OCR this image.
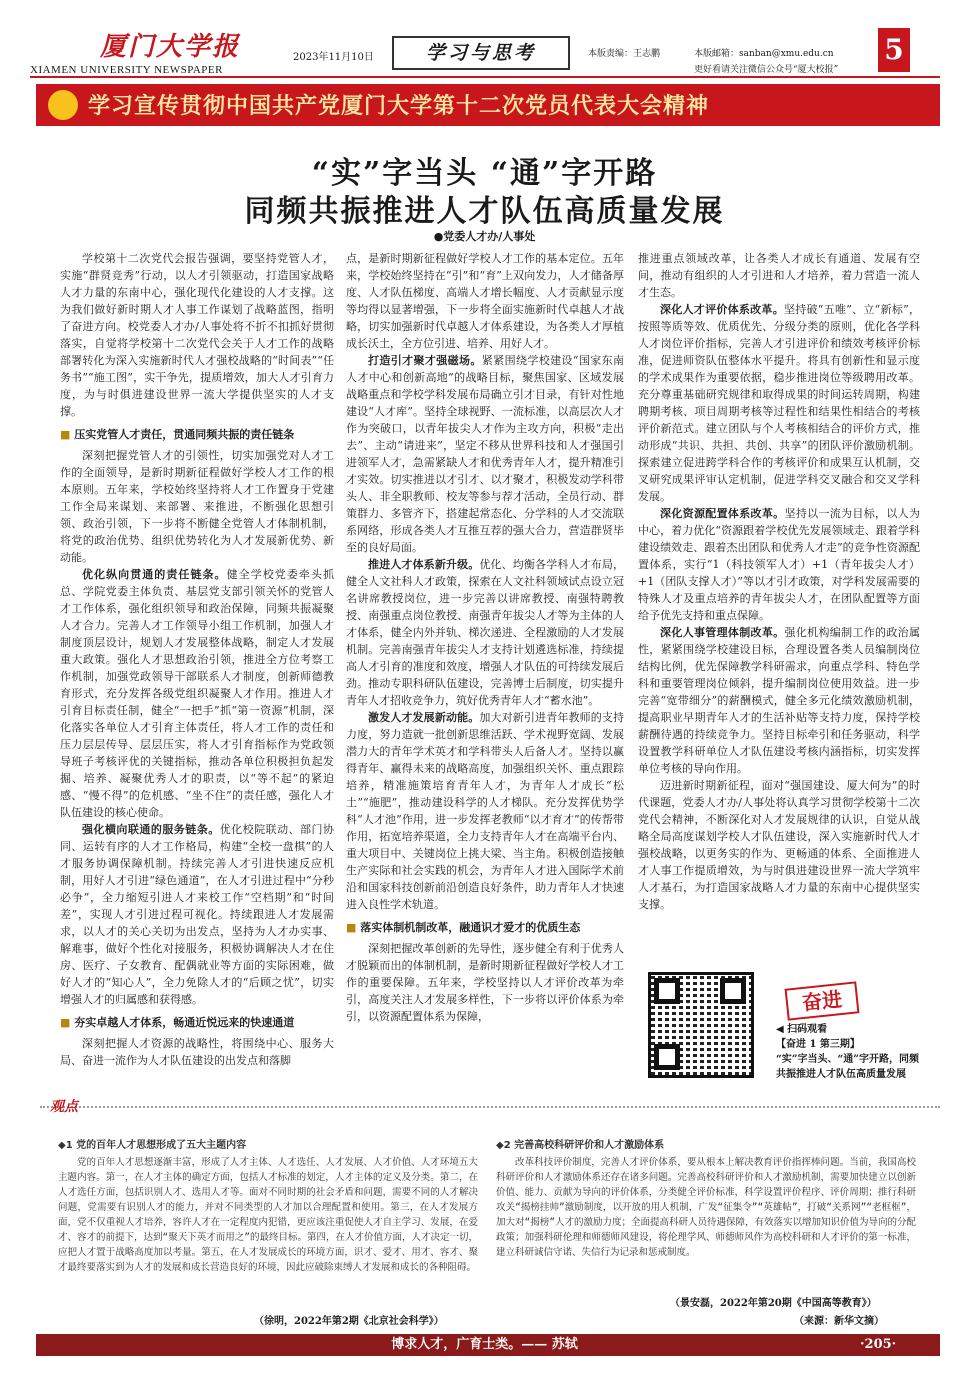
厦门大学报
XIAMEN UNIVERSITY NEWSPAPER
2023年11月10日	学习与思考	本版责编：王志鹏	本版邮箱：sanban@xmu.edu.cn
更好看请关注微信公众号“厦大校报”
5
学习宣传贯彻中国共产党厦门大学第十二次党员代表大会精神
“实”字当头 “通”字开路
同频共振推进人才队伍高质量发展
●党委人才办/人事处

学校第十二次党代会报告强调，要坚持党管人才，实施“群贤竞秀”行动，以人才引领驱动，打造国家战略人才力量的东南中心，强化现代化建设的人才支撑。这为我们做好新时期人才人事工作谋划了战略蓝图，指明了奋进方向。校党委人才办/人事处将不折不扣抓好贯彻落实，自觉将学校第十二次党代会关于人才工作的战略部署转化为深入实施新时代人才强校战略的“时间表”“任务书”“施工图”，实干争先，提质增效，加大人才引育力度，为与时俱进建设世界一流大学提供坚实的人才支撑。

■ 压实党管人才责任，贯通同频共振的责任链条

深刻把握党管人才的引领性，切实加强党对人才工作的全面领导，是新时期新征程做好学校人才工作的根本原则。五年来，学校始终坚持将人才工作置身于党建工作全局来谋划、来部署、来推进，不断强化思想引领、政治引领，下一步将不断健全党管人才体制机制，将党的政治优势、组织优势转化为人才发展新优势、新动能。

优化纵向贯通的责任链条。健全学校党委牵头抓总、学院党委主体负责、基层党支部引领关怀的党管人才工作体系，强化组织领导和政治保障，同频共振凝聚人才合力。完善人才工作领导小组工作机制，加强人才制度顶层设计，规划人才发展整体战略，制定人才发展重大政策。强化人才思想政治引领，推进全方位考察工作机制，加强党政领导干部联系人才制度，创新师德教育形式，充分发挥各级党组织凝聚人才作用。推进人才引育目标责任制，健全“一把手”抓“第一资源”机制，深化落实各单位人才引育主体责任，将人才工作的责任和压力层层传导、层层压实，将人才引育指标作为党政领导班子考核评优的关键指标，推动各单位积极担负起发掘、培养、凝聚优秀人才的职责，以“等不起”的紧迫感、“慢不得”的危机感、“坐不住”的责任感，强化人才队伍建设的核心使命。

强化横向联通的服务链条。优化校院联动、部门协同、运转有序的人才工作格局，构建“全校一盘棋”的人才服务协调保障机制。持续完善人才引进快速反应机制，用好人才引进“绿色通道”，在人才引进过程中“分秒必争”，全力缩短引进人才来校工作“空档期”和“时间差”，实现人才引进过程可视化。持续跟进人才发展需求，以人才的关心关切为出发点，坚持为人才办实事、解难事，做好个性化对接服务，积极协调解决人才在住房、医疗、子女教育、配偶就业等方面的实际困难，做好人才的“知心人”，全力免除人才的“后顾之忧”，切实增强人才的归属感和获得感。

■ 夯实卓越人才体系，畅通近悦远来的快速通道

深刻把握人才资源的战略性，将围绕中心、服务大局、奋进一流作为人才队伍建设的出发点和落脚

点，是新时期新征程做好学校人才工作的基本定位。五年来，学校始终坚持在“引”和“育”上双向发力，人才储备厚度、人才队伍梯度、高端人才增长幅度、人才贡献显示度等均得以显著增强，下一步将全面实施新时代卓越人才战略，切实加强新时代卓越人才体系建设，为各类人才厚植成长沃土，全方位引进、培养、用好人才。

打造引才聚才强磁场。紧紧围绕学校建设“国家东南人才中心和创新高地”的战略目标，聚焦国家、区域发展战略重点和学校学科发展布局确立引才目录，有针对性地建设“人才库”。坚持全球视野、一流标准，以高层次人才作为突破口，以青年拔尖人才作为主攻方向，积极“走出去”、主动“请进来”，坚定不移从世界科技和人才强国引进领军人才，急需紧缺人才和优秀青年人才，提升精准引才实效。切实推进以才引才、以才聚才，积极发动学科带头人、非全职教师、校友等参与荐才活动，全员行动、群策群力、多管齐下，搭建起常态化、分学科的人才交流联系网络，形成各类人才互推互荐的强大合力，营造群贤毕至的良好局面。

推进人才体系新升级。优化、均衡各学科人才布局，健全人文社科人才政策，探索在人文社科领域试点设立冠名讲席教授岗位，进一步完善以讲席教授、南强特聘教授、南强重点岗位教授、南强青年拔尖人才等为主体的人才体系，健全内外并轨、梯次递进、全程激励的人才发展机制。完善南强青年拔尖人才支持计划遴选标准，持续提高人才引育的准度和效度，增强人才队伍的可持续发展后劲。推动专职科研队伍建设，完善博士后制度，切实提升青年人才招收竞争力，筑好优秀青年人才“蓄水池”。

激发人才发展新动能。加大对新引进青年教师的支持力度，努力造就一批创新思维活跃、学术视野宽阔、发展潜力大的青年学术英才和学科带头人后备人才。坚持以赢得青年、赢得未来的战略高度，加强组织关怀、重点跟踪培养，精准施策培育青年人才，为青年人才成长“松土”“施肥”，推动建设科学的人才梯队。充分发挥优势学科“人才池”作用，进一步发挥老教师“以才育才”的传帮带作用，拓宽培养渠道，全力支持青年人才在高端平台内、重大项目中、关键岗位上挑大梁、当主角。积极创造接触生产实际和社会实践的机会，为青年人才进入国际学术前沿和国家科技创新前沿创造良好条件，助力青年人才快速进入良性学术轨道。

■ 落实体制机制改革，融通识才爱才的优质生态

深刻把握改革创新的先导性，逐步健全有利于优秀人才脱颖而出的体制机制，是新时期新征程做好学校人才工作的重要保障。五年来，学校坚持以人才评价改革为牵引，高度关注人才发展多样性，下一步将以评价体系为牵引，以资源配置体系为保障，

推进重点领域改革，让各类人才成长有通道、发展有空间，推动有组织的人才引进和人才培养，着力营造一流人才生态。

深化人才评价体系改革。坚持破“五唯”、立“新标”，按照等质等效、优质优先、分级分类的原则，优化各学科人才岗位评价指标，完善人才引进评价和绩效考核评价标准，促进师资队伍整体水平提升。将具有创新性和显示度的学术成果作为重要依据，稳步推进岗位等级聘用改革。充分尊重基础研究规律和取得成果的时间运转周期，构建聘期考核、项目周期考核等过程性和结果性相结合的考核评价新范式。建立团队与个人考核相结合的评价方式，推动形成“共识、共担、共创、共享”的团队评价激励机制。探索建立促进跨学科合作的考核评价和成果互认机制，交叉研究成果评审认定机制，促进学科交叉融合和交叉学科发展。

深化资源配置体系改革。坚持以一流为目标，以人为中心，着力优化“资源跟着学校优先发展领域走、跟着学科建设绩效走、跟着杰出团队和优秀人才走”的竞争性资源配置体系，实行“1（科技领军人才）+1（青年拔尖人才）+1（团队支撑人才）”等以才引才政策，对学科发展需要的特殊人才及重点培养的青年拔尖人才，在团队配置等方面给予优先支持和重点保障。

深化人事管理体制改革。强化机构编制工作的政治属性，紧紧围绕学校建设目标，合理设置各类人员编制岗位结构比例，优先保障教学科研需求，向重点学科、特色学科和重要管理岗位倾斜，提升编制岗位使用效益。进一步完善“宽带细分”的薪酬模式，健全多元化绩效激励机制，提高职业早期青年人才的生活补贴等支持力度，保持学校薪酬待遇的持续竞争力。坚持目标牵引和任务驱动，科学设置教学科研单位人才队伍建设考核内涵指标，切实发挥单位考核的导向作用。

迈进新时期新征程，面对“强国建设、厦大何为”的时代课题，党委人才办/人事处将认真学习贯彻学校第十二次党代会精神，不断深化对人才发展规律的认识，自觉从战略全局高度谋划学校人才队伍建设，深入实施新时代人才强校战略，以更务实的作为、更畅通的体系、全面推进人才人事工作提质增效，为与时俱进建设世界一流大学筑牢人才基石，为打造国家战略人才力量的东南中心提供坚实支撑。

奋进
◀ 扫码观看
【奋进 1 第三期】
“实”字当头、“通”字开路，同频共振推进人才队伍高质量发展
观点
◆1 党的百年人才思想形成了五大主题内容

党的百年人才思想逐渐丰富，形成了人才主体、人才选任、人才发展、人才价值、人才环境五大主题内容。第一，在人才主体的确定方面，包括人才标准的划定，人才主体的定义及分类。第二，在人才选任方面，包括识别人才、选用人才等。面对不同时期的社会矛盾和问题，需要不同的人才解决问题，党需要有识别人才的能力，并对不同类型的人才加以合理配置和使用。第三，在人才发展方面，党不仅重视人才培养，容许人才在一定程度内犯错，更应该注重促使人才自主学习、发展，在爱才、容才的前提下，达到“聚天下英才而用之”的最终目标。第四，在人才价值方面，人才决定一切，应把人才置于战略高度加以考量。第五，在人才发展成长的环境方面，识才、爱才、用才、容才、聚才最终要落实到为人才的发展和成长营造良好的环境，因此应破除束缚人才发展和成长的各种阻碍。

（徐明，2022年第2期《北京社会科学》）
◆2 完善高校科研评价和人才激励体系

改革科技评价制度，完善人才评价体系，要从根本上解决教育评价指挥棒问题。当前，我国高校科研评价和人才激励体系还存在诸多问题。完善高校科研评价和人才激励机制，需要加快建立以创新价值、能力、贡献为导向的评价体系，分类健全评价标准，科学设置评价程序、评价周期；推行科研攻关“揭榜挂帅”激励制度，以开放的用人机制，广发“征集令”“英雄帖”，打破“关系网”“老框框”，加大对“揭榜”人才的激励力度；全面提高科研人员待遇保障，有效落实以增加知识价值为导向的分配政策；加强科研伦理和师德师风建设，将伦理学风、师德师风作为高校科研和人才评价的第一标准，建立科研诚信守诺、失信行为记录和惩戒制度。

（景安磊，2022年第20期《中国高等教育》）
（来源：新华文摘）
博求人才，广育士类。—— 苏轼	·205·
